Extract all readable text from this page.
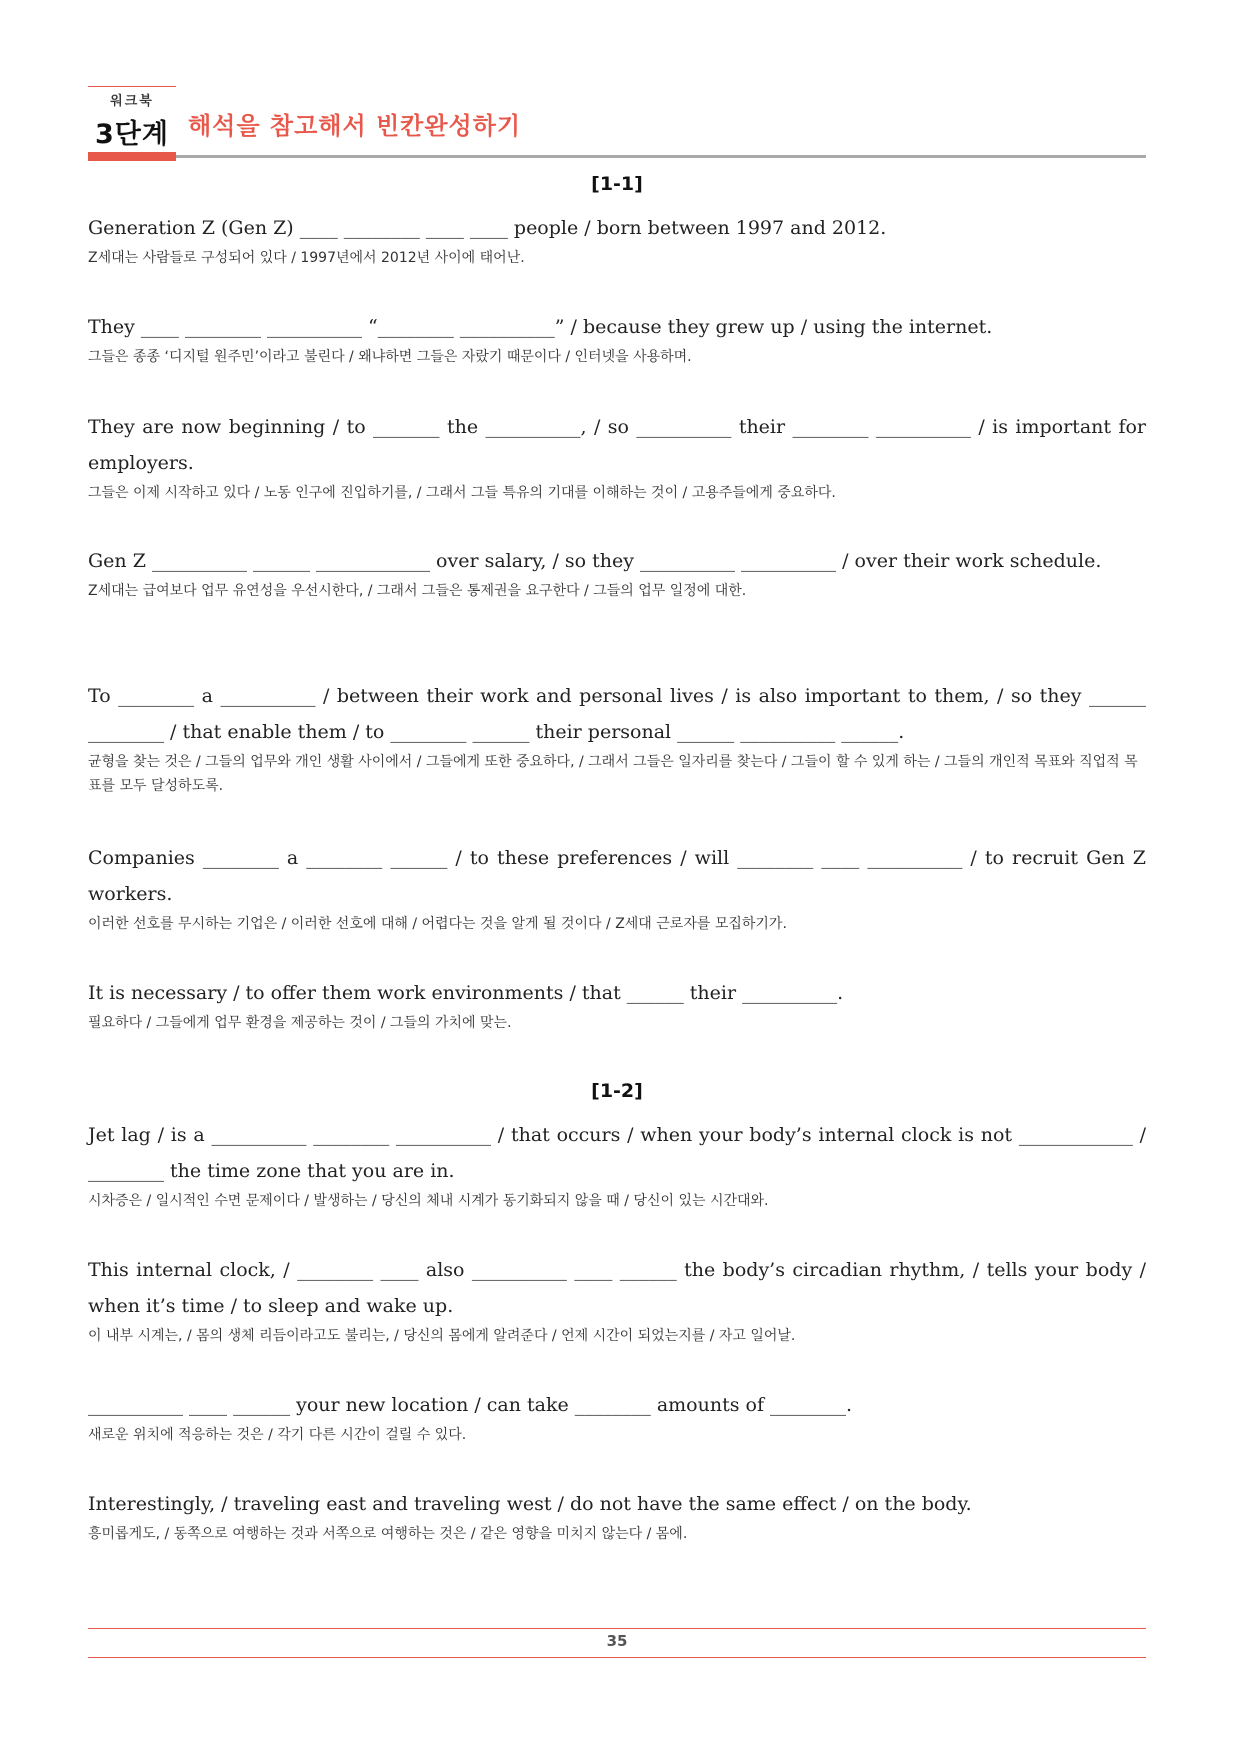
워크북
3단계 해석을 참고해서 빈칸완성하기
[1-1]

Generation Z (Gen Z) ____ ________ ____ ____ people / born between 1997 and 2012.

Z세대는 사람들로 구성되어 있다 / 1997년에서 2012년 사이에 태어난.

They ____ ________ __________ “________ __________” / because they grew up / using the internet.

그들은 종종 ‘디지털 원주민’이라고 불린다 / 왜냐하면 그들은 자랐기 때문이다 / 인터넷을 사용하며.

They are now beginning / to _______ the __________, / so __________ their ________ __________ / is important for employers.

그들은 이제 시작하고 있다 / 노동 인구에 진입하기를, / 그래서 그들 특유의 기대를 이해하는 것이 / 고용주들에게 중요하다.

Gen Z __________ ______ ____________ over salary, / so they __________ __________ / over their work schedule.

Z세대는 급여보다 업무 유연성을 우선시한다, / 그래서 그들은 통제권을 요구한다 / 그들의 업무 일정에 대한.

To ________ a __________ / between their work and personal lives / is also important to them, / so they ______ ________ / that enable them / to ________ ______ their personal ______ __________ ______.

균형을 찾는 것은 / 그들의 업무와 개인 생활 사이에서 / 그들에게 또한 중요하다, / 그래서 그들은 일자리를 찾는다 / 그들이 할 수 있게 하는 / 그들의 개인적 목표와 직업적 목표를 모두 달성하도록.

Companies ________ a ________ ______ / to these preferences / will ________ ____ __________ / to recruit Gen Z workers.

이러한 선호를 무시하는 기업은 / 이러한 선호에 대해 / 어렵다는 것을 알게 될 것이다 / Z세대 근로자를 모집하기가.

It is necessary / to offer them work environments / that ______ their __________.

필요하다 / 그들에게 업무 환경을 제공하는 것이 / 그들의 가치에 맞는.

[1-2]

Jet lag / is a __________ ________ __________ / that occurs / when your body’s internal clock is not ____________ / ________ the time zone that you are in.

시차증은 / 일시적인 수면 문제이다 / 발생하는 / 당신의 체내 시계가 동기화되지 않을 때 / 당신이 있는 시간대와.

This internal clock, / ________ ____ also __________ ____ ______ the body’s circadian rhythm, / tells your body / when it’s time / to sleep and wake up.

이 내부 시계는, / 몸의 생체 리듬이라고도 불리는, / 당신의 몸에게 알려준다 / 언제 시간이 되었는지를 / 자고 일어날.

__________ ____ ______ your new location / can take ________ amounts of ________.

새로운 위치에 적응하는 것은 / 각기 다른 시간이 걸릴 수 있다.

Interestingly, / traveling east and traveling west / do not have the same effect / on the body.

흥미롭게도, / 동쪽으로 여행하는 것과 서쪽으로 여행하는 것은 / 같은 영향을 미치지 않는다 / 몸에.

35
